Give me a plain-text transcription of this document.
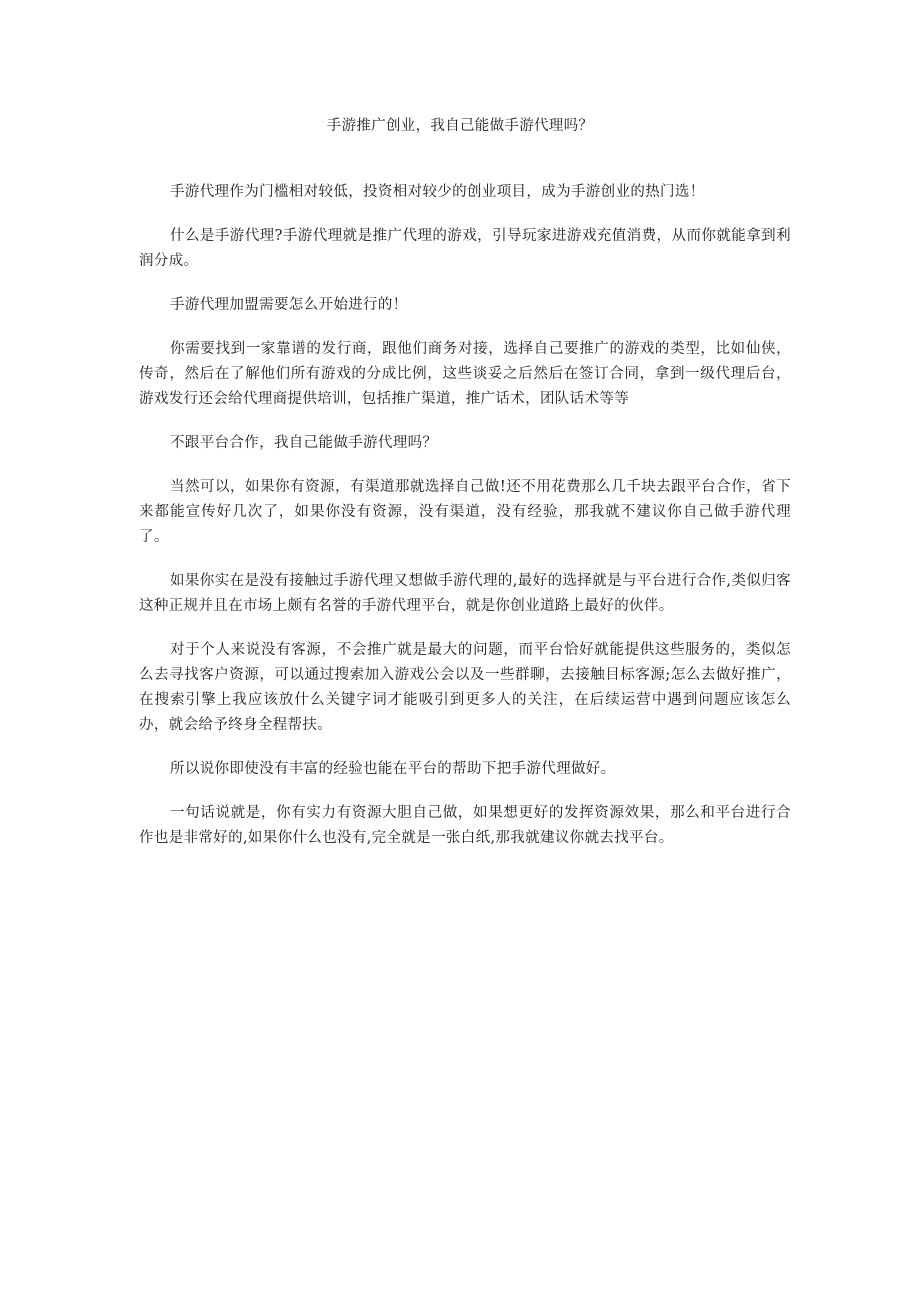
手游推广创业，我自己能做手游代理吗？

手游代理作为门槛相对较低，投资相对较少的创业项目，成为手游创业的热门选！

什么是手游代理?手游代理就是推广代理的游戏，引导玩家进游戏充值消费，从而你就能拿到利润分成。

手游代理加盟需要怎么开始进行的！

你需要找到一家靠谱的发行商，跟他们商务对接，选择自己要推广的游戏的类型，比如仙侠，传奇，然后在了解他们所有游戏的分成比例，这些谈妥之后然后在签订合同，拿到一级代理后台，游戏发行还会给代理商提供培训，包括推广渠道，推广话术，团队话术等等

不跟平台合作，我自己能做手游代理吗？

当然可以，如果你有资源，有渠道那就选择自己做!还不用花费那么几千块去跟平台合作，省下来都能宣传好几次了，如果你没有资源，没有渠道，没有经验，那我就不建议你自己做手游代理了。

如果你实在是没有接触过手游代理又想做手游代理的,最好的选择就是与平台进行合作,类似归客这种正规并且在市场上颇有名誉的手游代理平台，就是你创业道路上最好的伙伴。

对于个人来说没有客源，不会推广就是最大的问题，而平台恰好就能提供这些服务的，类似怎么去寻找客户资源，可以通过搜索加入游戏公会以及一些群聊，去接触目标客源;怎么去做好推广，在搜索引擎上我应该放什么关键字词才能吸引到更多人的关注，在后续运营中遇到问题应该怎么办，就会给予终身全程帮扶。

所以说你即使没有丰富的经验也能在平台的帮助下把手游代理做好。

一句话说就是，你有实力有资源大胆自己做，如果想更好的发挥资源效果，那么和平台进行合作也是非常好的,如果你什么也没有,完全就是一张白纸,那我就建议你就去找平台。
